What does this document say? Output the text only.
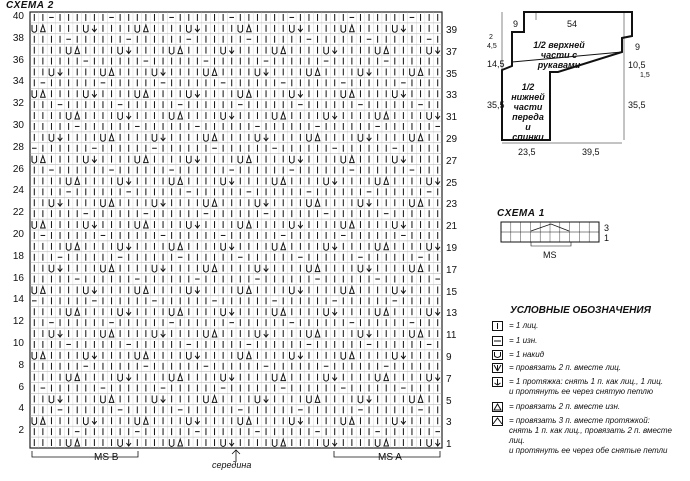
СХЕМА 2
40
38
36
34
32
30
28
26
24
22
20
18
16
14
12
10
8
6
4
2
39
37
35
33
31
29
27
25
23
21
19
17
15
13
11
9
7
5
3
1
MS B	MS A
середина
СХЕМА 1
3
1
MS
1/2 верхней части с рукавами
1/2 нижней части переда и спинки
9	54
2
4,5
14,5
9
10,5
1,5
35,5	35,5
23,5	39,5
УСЛОВНЫЕ ОБОЗНАЧЕНИЯ
= 1 лиц.
= 1 изн.
= 1 накид
= провязать 2 п. вместе лиц.
= 1 протяжка: снять 1 п. как лиц., 1 лиц.
и протянуть ее через снятую петлю
= провязать 2 п. вместе изн.
= провязать 3 п. вместе протяжкой:
снять 1 п. как лиц., провязать 2 п. вместе лиц.
и протянуть ее через обе снятые петли
